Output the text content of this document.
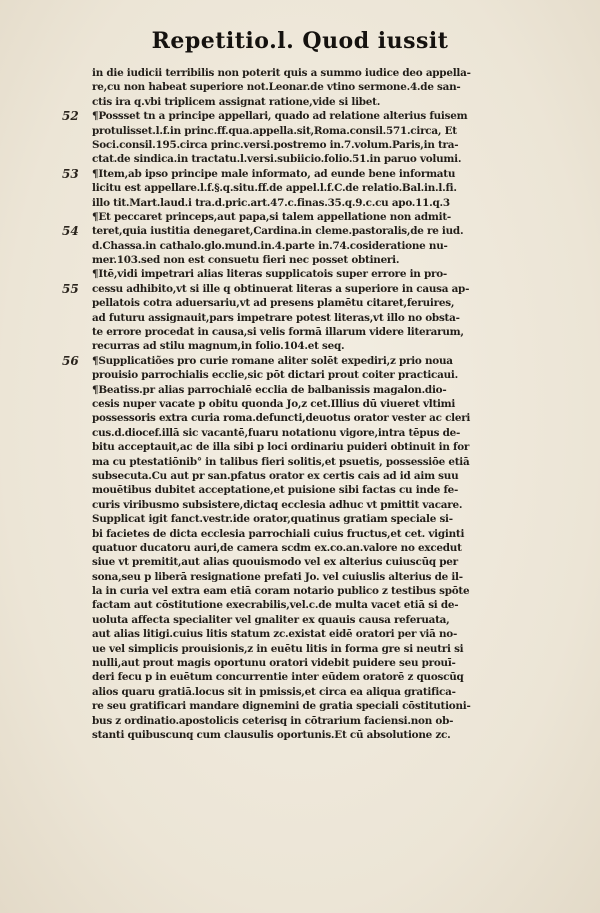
Repetitio.l. Quod iussit
52
53
54
55
56
in die iudicii terribilis non poterit quis a summo iudice deo appella-
re,cu non habeat superiore not.Leonar.de vtino sermone.4.de san-
ctis ira q.vbi triplicem assignat ratione,vide si libet.
¶Possset tn a principe appellari, quado ad relatione alterius fuisem
protulisset.l.f.in princ.ff.qua.appella.sit,Roma.consil.571.circa, Et
Soci.consil.195.circa princ.versi.postremo in.7.volum.Paris,in tra-
ctat.de sindica.in tractatu.l.versi.subiicio.folio.51.in paruo volumi.
¶Item,ab ipso principe male informato, ad eunde bene informatu
licitu est appellare.l.f.§.q.situ.ff.de appel.l.f.C.de relatio.Bal.in.l.fi.
illo tit.Mart.laud.i tra.d.pric.art.47.c.finas.35.q.9.c.cu apo.11.q.3
¶Et peccaret princeps,aut papa,si talem appellatione non admit-
teret,quia iustitia denegaret,Cardina.in cleme.pastoralis,de re iud.
d.Chassa.in cathalo.glo.mund.in.4.parte in.74.cosideratione nu-
mer.103.sed non est consuetu fieri nec posset obtineri.
¶Itē,vidi impetrari alias literas supplicatois super errore in pro-
cessu adhibito,vt si ille q obtinuerat literas a superiore in causa ap-
pellatois cotra aduersariu,vt ad presens plamētu citaret,feruires,
ad futuru assignauit,pars impetrare potest literas,vt illo no obsta-
te errore procedat in causa,si velis formā illarum videre literarum,
recurras ad stilu magnum,in folio.104.et seq.
¶Supplicatiões pro curie romane aliter solēt expediri,z prio noua
prouisio parrochialis ecclie,sic pōt dictari prout coiter practicaui.
¶Beatiss.pr alias parrochialē ecclia de balbanissis magalon.dio-
cesis nuper vacate p obitu quonda Jo,z cet.Illius dū viueret vltimi
possessoris extra curia roma.defuncti,deuotus orator vester ac cleri
cus.d.diocef.illā sic vacantē,fuaru notationu vigore,intra tēpus de-
bitu acceptauit,ac de illa sibi p loci ordinariu puideri obtinuit in for
ma cu ptestatiōnib° in talibus fieri solitis,et psuetis, possessiōe etiā
subsecuta.Cu aut pr san.pfatus orator ex certis cais ad id aim suu
mouētibus dubitet acceptatione,et puisione sibi factas cu inde fe-
curis viribusmo subsistere,dictaq ecclesia adhuc vt pmittit vacare.
Supplicat igit fanct.vestr.ide orator,quatinus gratiam speciale si-
bi facietes de dicta ecclesia parrochiali cuius fructus,et cet. viginti
quatuor ducatoru auri,de camera scdm ex.co.an.valore no excedut
siue vt premitit,aut alias quouismodo vel ex alterius cuiuscūq per
sona,seu p liberā resignatione prefati Jo. vel cuiuslis alterius de il-
la in curia vel extra eam etiā coram notario publico z testibus spōte
factam aut cōstitutione execrabilis,vel.c.de multa vacet etiā si de-
uoluta affecta specialiter vel gnaliter ex quauis causa referuata,
aut alias litigi.cuius litis statum zc.existat eidē oratori per viā no-
ue vel simplicis prouisionis,z in euētu litis in forma gre si neutri si
nulli,aut prout magis oportunu oratori videbit puidere seu prouī-
deri fecu p in euētum concurrentie inter eūdem oratorē z quoscūq
alios quaru gratiā.locus sit in pmissis,et circa ea aliqua gratifica-
re seu gratificari mandare dignemini de gratia speciali cōstitutioni-
bus z ordinatio.apostolicis ceterisq in cōtrarium faciensi.non ob-
stanti quibuscunq cum clausulis oportunis.Et cū absolutione zc.
